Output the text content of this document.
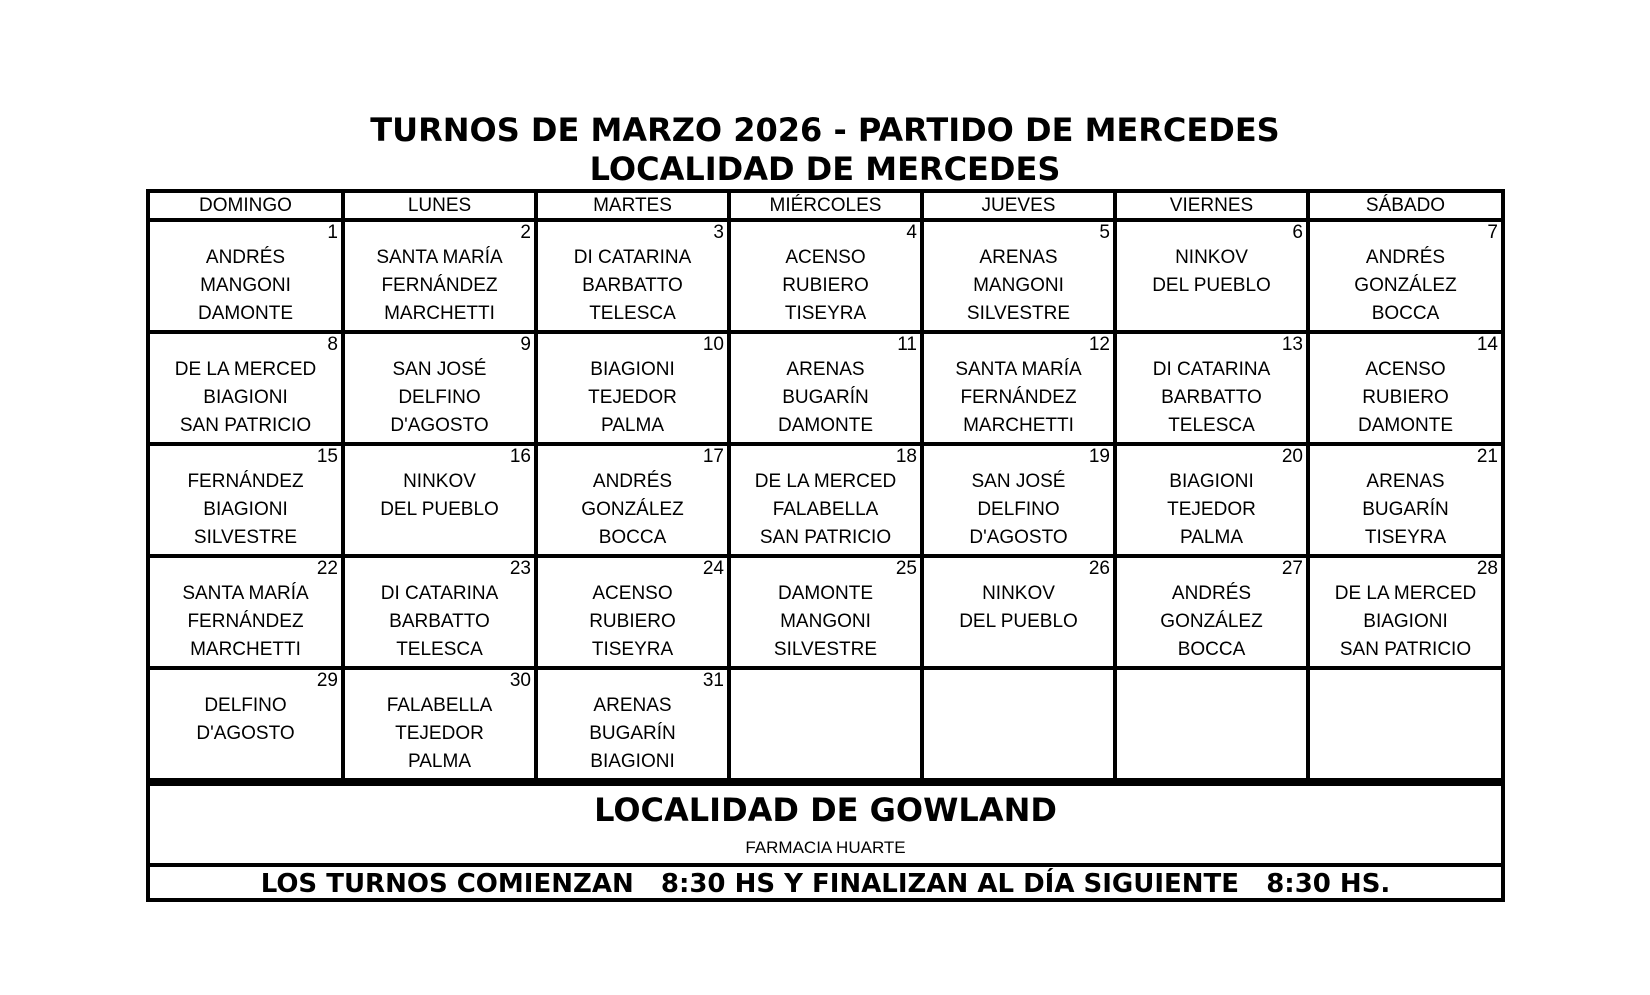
TURNOS DE MARZO 2026 - PARTIDO DE MERCEDES
LOCALIDAD DE MERCEDES
DOMINGO	LUNES	MARTES	MIÉRCOLES	JUEVES	VIERNES	SÁBADO

1
ANDRÉS
MANGONI
DAMONTE	2
SANTA MARÍA
FERNÁNDEZ
MARCHETTI	3
DI CATARINA
BARBATTO
TELESCA	4
ACENSO
RUBIERO
TISEYRA	5
ARENAS
MANGONI
SILVESTRE	6
NINKOV
DEL PUEBLO	7
ANDRÉS
GONZÁLEZ
BOCCA

8
DE LA MERCED
BIAGIONI
SAN PATRICIO	9
SAN JOSÉ
DELFINO
D'AGOSTO	10
BIAGIONI
TEJEDOR
PALMA	11
ARENAS
BUGARÍN
DAMONTE	12
SANTA MARÍA
FERNÁNDEZ
MARCHETTI	13
DI CATARINA
BARBATTO
TELESCA	14
ACENSO
RUBIERO
DAMONTE

15
FERNÁNDEZ
BIAGIONI
SILVESTRE	16
NINKOV
DEL PUEBLO	17
ANDRÉS
GONZÁLEZ
BOCCA	18
DE LA MERCED
FALABELLA
SAN PATRICIO	19
SAN JOSÉ
DELFINO
D'AGOSTO	20
BIAGIONI
TEJEDOR
PALMA	21
ARENAS
BUGARÍN
TISEYRA

22
SANTA MARÍA
FERNÁNDEZ
MARCHETTI	23
DI CATARINA
BARBATTO
TELESCA	24
ACENSO
RUBIERO
TISEYRA	25
DAMONTE
MANGONI
SILVESTRE	26
NINKOV
DEL PUEBLO	27
ANDRÉS
GONZÁLEZ
BOCCA	28
DE LA MERCED
BIAGIONI
SAN PATRICIO

29
DELFINO
D'AGOSTO	30
FALABELLA
TEJEDOR
PALMA	31
ARENAS
BUGARÍN
BIAGIONI				

LOCALIDAD DE GOWLAND
FARMACIA HUARTE
LOS TURNOS COMIENZAN   8:30 HS Y FINALIZAN AL DÍA SIGUIENTE   8:30 HS.
